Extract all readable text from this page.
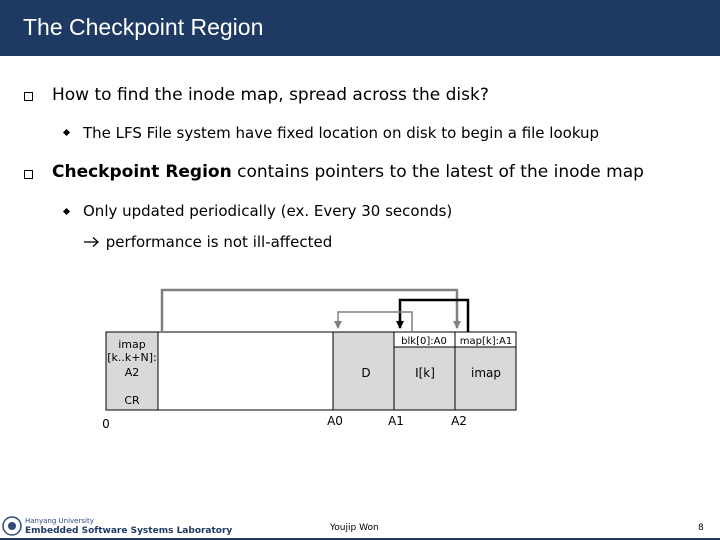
The Checkpoint Region
How to find the inode map, spread across the disk?
The LFS File system have fixed location on disk to begin a file lookup
Checkpoint Region contains pointers to the latest of the inode map
Only updated periodically (ex. Every 30 seconds)
performance is not ill-affected
imap
[k..k+N]:
A2
CR
D	I[k]	imap
blk[0]:A0 map[k]:A1
0	A0	A1	A2
Hanyang University
Embedded Software Systems Laboratory	Youjip Won	8
